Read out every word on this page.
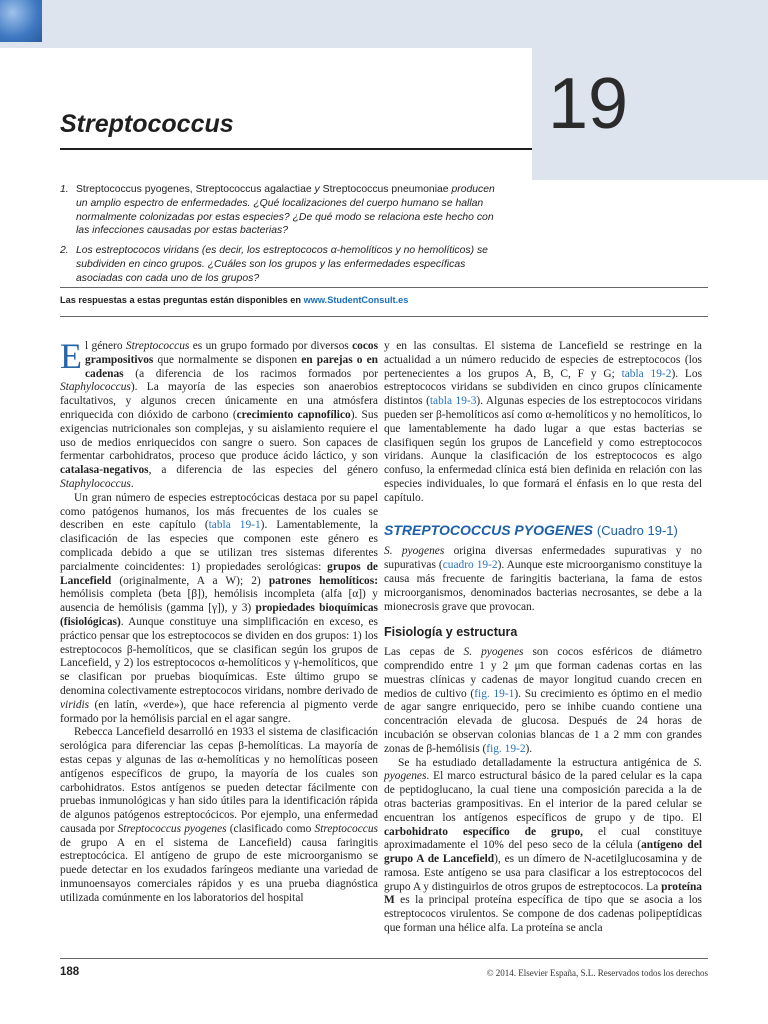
19
Streptococcus
1. Streptococcus pyogenes, Streptococcus agalactiae y Streptococcus pneumoniae producen un amplio espectro de enfermedades. ¿Qué localizaciones del cuerpo humano se hallan normalmente colonizadas por estas especies? ¿De qué modo se relaciona este hecho con las infecciones causadas por estas bacterias?
2. Los estreptococos viridans (es decir, los estreptococos α-hemolíticos y no hemolíticos) se subdividen en cinco grupos. ¿Cuáles son los grupos y las enfermedades específicas asociadas con cada uno de los grupos?
Las respuestas a estas preguntas están disponibles en www.StudentConsult.es

El género Streptococcus es un grupo formado por diversos cocos grampositivos que normalmente se disponen en parejas o en cadenas (a diferencia de los racimos formados por Staphylococcus). La mayoría de las especies son anaerobios facultativos, y algunos crecen únicamente en una atmósfera enriquecida con dióxido de carbono (crecimiento capnofílico). Sus exigencias nutricionales son complejas, y su aislamiento requiere el uso de medios enriquecidos con sangre o suero. Son capaces de fermentar carbohidratos, proceso que produce ácido láctico, y son catalasa-negativos, a diferencia de las especies del género Staphylococcus.

Un gran número de especies estreptocócicas destaca por su papel como patógenos humanos, los más frecuentes de los cuales se describen en este capítulo (tabla 19-1). Lamentablemente, la clasificación de las especies que componen este género es complicada debido a que se utilizan tres sistemas diferentes parcialmente coincidentes: 1) propiedades serológicas: grupos de Lancefield (originalmente, A a W); 2) patrones hemolíticos: hemólisis completa (beta [β]), hemólisis incompleta (alfa [α]) y ausencia de hemólisis (gamma [γ]), y 3) propiedades bioquímicas (fisiológicas). Aunque constituye una simplificación en exceso, es práctico pensar que los estreptococos se dividen en dos grupos: 1) los estreptococos β-hemolíticos, que se clasifican según los grupos de Lancefield, y 2) los estreptococos α-hemolíticos y γ-hemolíticos, que se clasifican por pruebas bioquímicas. Este último grupo se denomina colectivamente estreptococos viridans, nombre derivado de viridis (en latín, «verde»), que hace referencia al pigmento verde formado por la hemólisis parcial en el agar sangre.

Rebecca Lancefield desarrolló en 1933 el sistema de clasificación serológica para diferenciar las cepas β-hemolíticas. La mayoría de estas cepas y algunas de las α-hemolíticas y no hemolíticas poseen antígenos específicos de grupo, la mayoría de los cuales son carbohidratos. Estos antígenos se pueden detectar fácilmente con pruebas inmunológicas y han sido útiles para la identificación rápida de algunos patógenos estreptocócicos. Por ejemplo, una enfermedad causada por Streptococcus pyogenes (clasificado como Streptococcus de grupo A en el sistema de Lancefield) causa faringitis estreptocócica. El antígeno de grupo de este microorganismo se puede detectar en los exudados faríngeos mediante una variedad de inmunoensayos comerciales rápidos y es una prueba diagnóstica utilizada comúnmente en los laboratorios del hospital

y en las consultas. El sistema de Lancefield se restringe en la actualidad a un número reducido de especies de estreptococos (los pertenecientes a los grupos A, B, C, F y G; tabla 19-2). Los estreptococos viridans se subdividen en cinco grupos clínicamente distintos (tabla 19-3). Algunas especies de los estreptococos viridans pueden ser β-hemolíticos así como α-hemolíticos y no hemolíticos, lo que lamentablemente ha dado lugar a que estas bacterias se clasifiquen según los grupos de Lancefield y como estreptococos viridans. Aunque la clasificación de los estreptococos es algo confuso, la enfermedad clínica está bien definida en relación con las especies individuales, lo que formará el énfasis en lo que resta del capítulo.

STREPTOCOCCUS PYOGENES (Cuadro 19-1)

S. pyogenes origina diversas enfermedades supurativas y no supurativas (cuadro 19-2). Aunque este microorganismo constituye la causa más frecuente de faringitis bacteriana, la fama de estos microorganismos, denominados bacterias necrosantes, se debe a la mionecrosis grave que provocan.

Fisiología y estructura

Las cepas de S. pyogenes son cocos esféricos de diámetro comprendido entre 1 y 2 μm que forman cadenas cortas en las muestras clínicas y cadenas de mayor longitud cuando crecen en medios de cultivo (fig. 19-1). Su crecimiento es óptimo en el medio de agar sangre enriquecido, pero se inhibe cuando contiene una concentración elevada de glucosa. Después de 24 horas de incubación se observan colonias blancas de 1 a 2 mm con grandes zonas de β-hemólisis (fig. 19-2).

Se ha estudiado detalladamente la estructura antigénica de S. pyogenes. El marco estructural básico de la pared celular es la capa de peptidoglucano, la cual tiene una composición parecida a la de otras bacterias grampositivas. En el interior de la pared celular se encuentran los antígenos específicos de grupo y de tipo. El carbohidrato específico de grupo, el cual constituye aproximadamente el 10% del peso seco de la célula (antígeno del grupo A de Lancefield), es un dímero de N-acetilglucosamina y de ramosa. Este antígeno se usa para clasificar a los estreptococos del grupo A y distinguirlos de otros grupos de estreptococos. La proteína M es la principal proteína específica de tipo que se asocia a los estreptococos virulentos. Se compone de dos cadenas polipeptídicas que forman una hélice alfa. La proteína se ancla

188	© 2014. Elsevier España, S.L. Reservados todos los derechos
